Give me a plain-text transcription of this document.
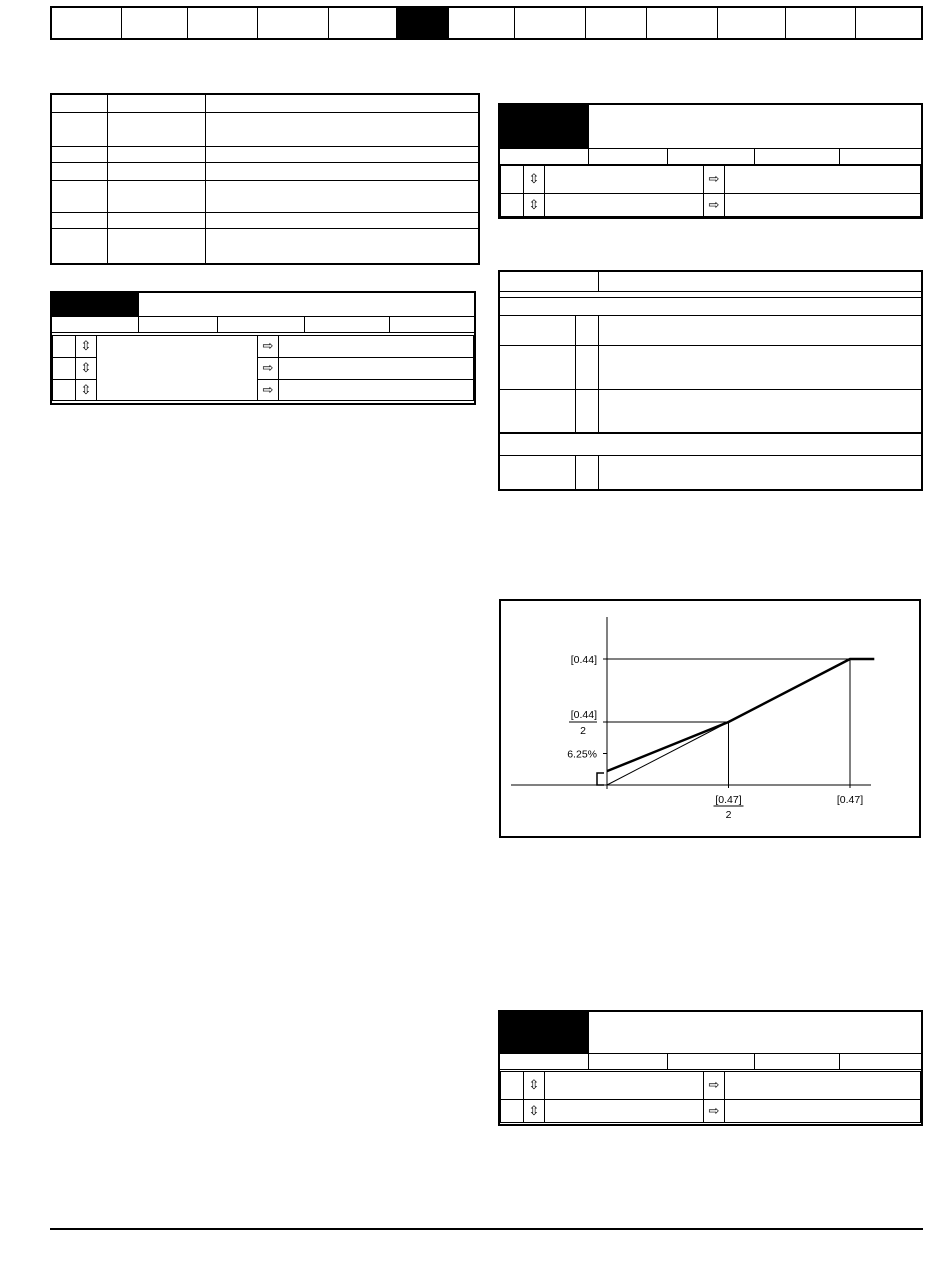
	⇳		⇨	
	⇳	⇨	
	⇳	⇨	

	⇳		⇨	
	⇳		⇨	

[0.44]
[0.44]
2
6.25%
[0.47]
2
[0.47]

	⇳		⇨	
	⇳		⇨	
